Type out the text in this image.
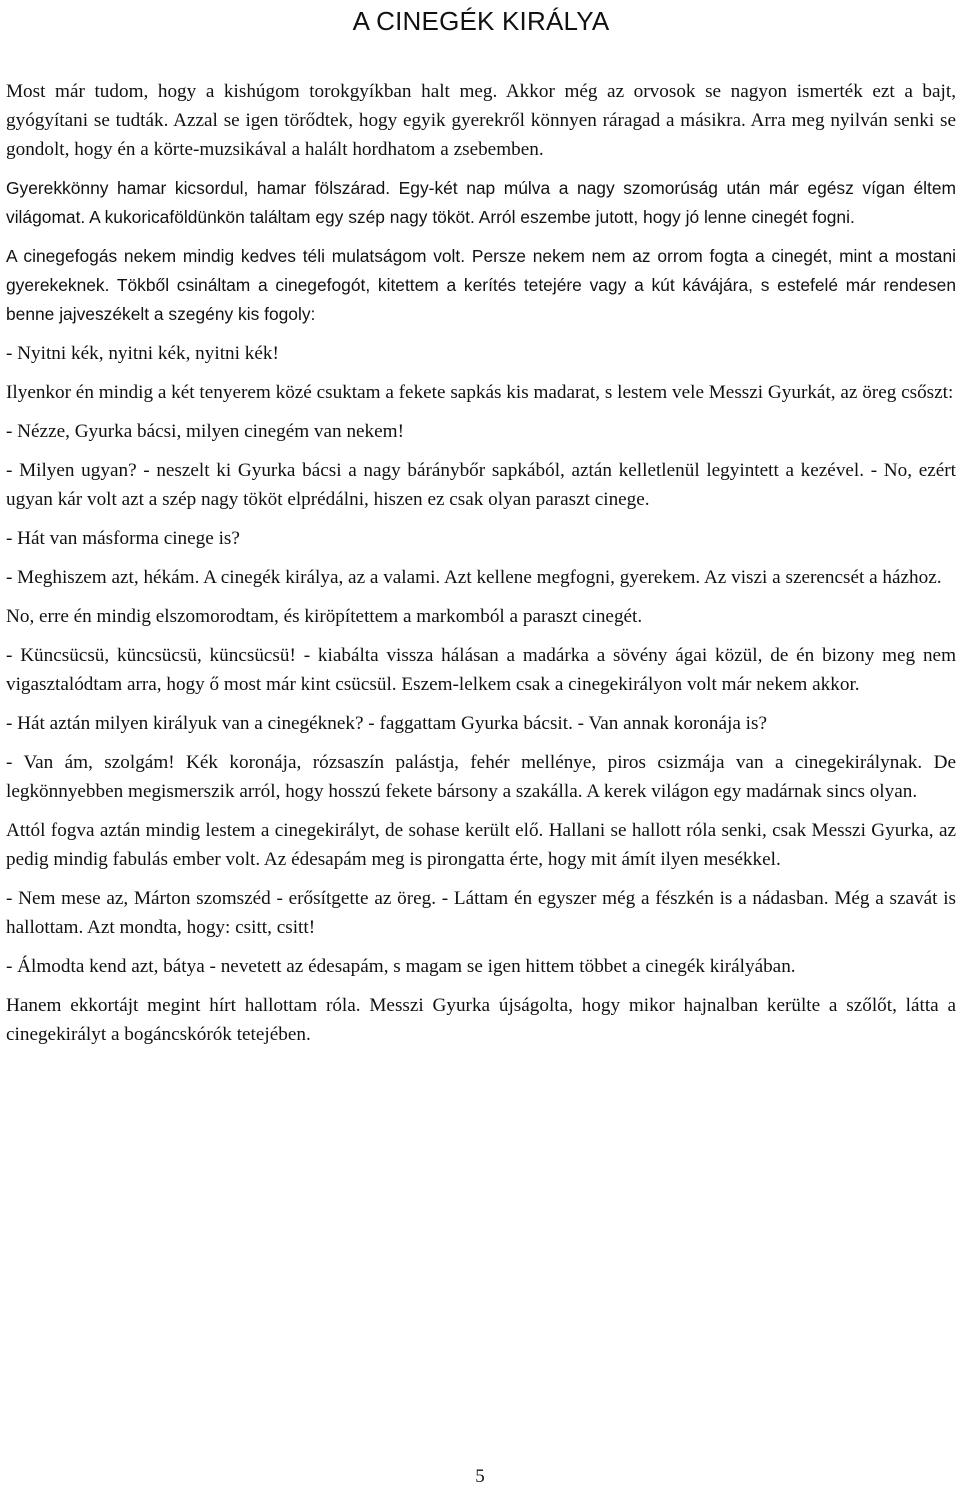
A CINEGÉK KIRÁLYA

Most már tudom, hogy a kishúgom torokgyíkban halt meg. Akkor még az orvosok se nagyon ismerték ezt a bajt, gyógyítani se tudták. Azzal se igen törődtek, hogy egyik gyerekről könnyen ráragad a másikra. Arra meg nyilván senki se gondolt, hogy én a körte-muzsikával a halált hordhatom a zsebemben.

Gyerekkönny hamar kicsordul, hamar fölszárad. Egy-két nap múlva a nagy szomorúság után már egész vígan éltem világomat. A kukoricaföldünkön találtam egy szép nagy tököt. Arról eszembe jutott, hogy jó lenne cinegét fogni.

A cinegefogás nekem mindig kedves téli mulatságom volt. Persze nekem nem az orrom fogta a cinegét, mint a mostani gyerekeknek. Tökből csináltam a cinegefogót, kitettem a kerítés tetejére vagy a kút kávájára, s estefelé már rendesen benne jajveszékelt a szegény kis fogoly:

- Nyitni kék, nyitni kék, nyitni kék!

Ilyenkor én mindig a két tenyerem közé csuktam a fekete sapkás kis madarat, s lestem vele Messzi Gyurkát, az öreg csőszt:

- Nézze, Gyurka bácsi, milyen cinegém van nekem!

- Milyen ugyan? - neszelt ki Gyurka bácsi a nagy báránybőr sapkából, aztán kelletlenül legyintett a kezével. - No, ezért ugyan kár volt azt a szép nagy tököt elprédálni, hiszen ez csak olyan paraszt cinege.

- Hát van másforma cinege is?

- Meghiszem azt, hékám. A cinegék királya, az a valami. Azt kellene megfogni, gyerekem. Az viszi a szerencsét a házhoz.

No, erre én mindig elszomorodtam, és kiröpítettem a markomból a paraszt cinegét.

- Küncsücsü, küncsücsü, küncsücsü! - kiabálta vissza hálásan a madárka a sövény ágai közül, de én bizony meg nem vigasztalódtam arra, hogy ő most már kint csücsül. Eszem-lelkem csak a cinegekirályon volt már nekem akkor.

- Hát aztán milyen királyuk van a cinegéknek? - faggattam Gyurka bácsit. - Van annak koronája is?

- Van ám, szolgám! Kék koronája, rózsaszín palástja, fehér mellénye, piros csizmája van a cinegekirálynak. De legkönnyebben megismerszik arról, hogy hosszú fekete bársony a szakálla. A kerek világon egy madárnak sincs olyan.

Attól fogva aztán mindig lestem a cinegekirályt, de sohase került elő. Hallani se hallott róla senki, csak Messzi Gyurka, az pedig mindig fabulás ember volt. Az édesapám meg is pirongatta érte, hogy mit ámít ilyen mesékkel.

- Nem mese az, Márton szomszéd - erősítgette az öreg. - Láttam én egyszer még a fészkén is a nádasban. Még a szavát is hallottam. Azt mondta, hogy: csitt, csitt!

- Álmodta kend azt, bátya - nevetett az édesapám, s magam se igen hittem többet a cinegék királyában.

Hanem ekkortájt megint hírt hallottam róla. Messzi Gyurka újságolta, hogy mikor hajnalban kerülte a szőlőt, látta a cinegekirályt a bogáncskórók tetejében.

5
